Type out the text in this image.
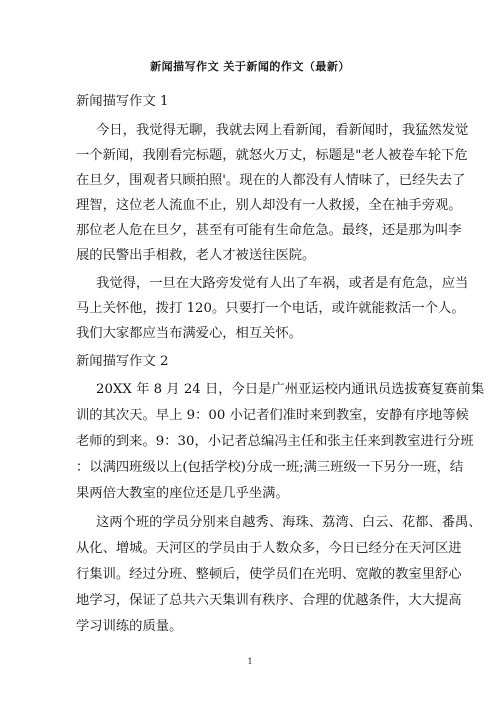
新闻描写作文 关于新闻的作文（最新）
新闻描写作文 1
今日，我觉得无聊，我就去网上看新闻，看新闻时，我猛然发觉
一个新闻，我刚看完标题，就怒火万丈，标题是"老人被卷车轮下危
在旦夕，围观者只顾拍照'。现在的人都没有人情味了，已经失去了
理智，这位老人流血不止，别人却没有一人救援，全在袖手旁观。
那位老人危在旦夕，甚至有可能有生命危急。最终，还是那为叫李
展的民警出手相救，老人才被送往医院。
我觉得，一旦在大路旁发觉有人出了车祸，或者是有危急，应当
马上关怀他，拨打 120。只要打一个电话，或许就能救活一个人。
我们大家都应当布满爱心，相互关怀。
新闻描写作文 2
20XX 年 8 月 24 日，今日是广州亚运校内通讯员选拔赛复赛前集
训的其次天。早上 9：00 小记者们准时来到教室，安静有序地等候
老师的到来。9：30，小记者总编冯主任和张主任来到教室进行分班
：以满四班级以上(包括学校)分成一班;满三班级一下另分一班，结
果两倍大教室的座位还是几乎坐满。
这两个班的学员分别来自越秀、海珠、荔湾、白云、花都、番禺、
从化、增城。天河区的学员由于人数众多，今日已经分在天河区进
行集训。经过分班、整顿后，使学员们在光明、宽敞的教室里舒心
地学习，保证了总共六天集训有秩序、合理的优越条件，大大提高
学习训练的质量。
1
